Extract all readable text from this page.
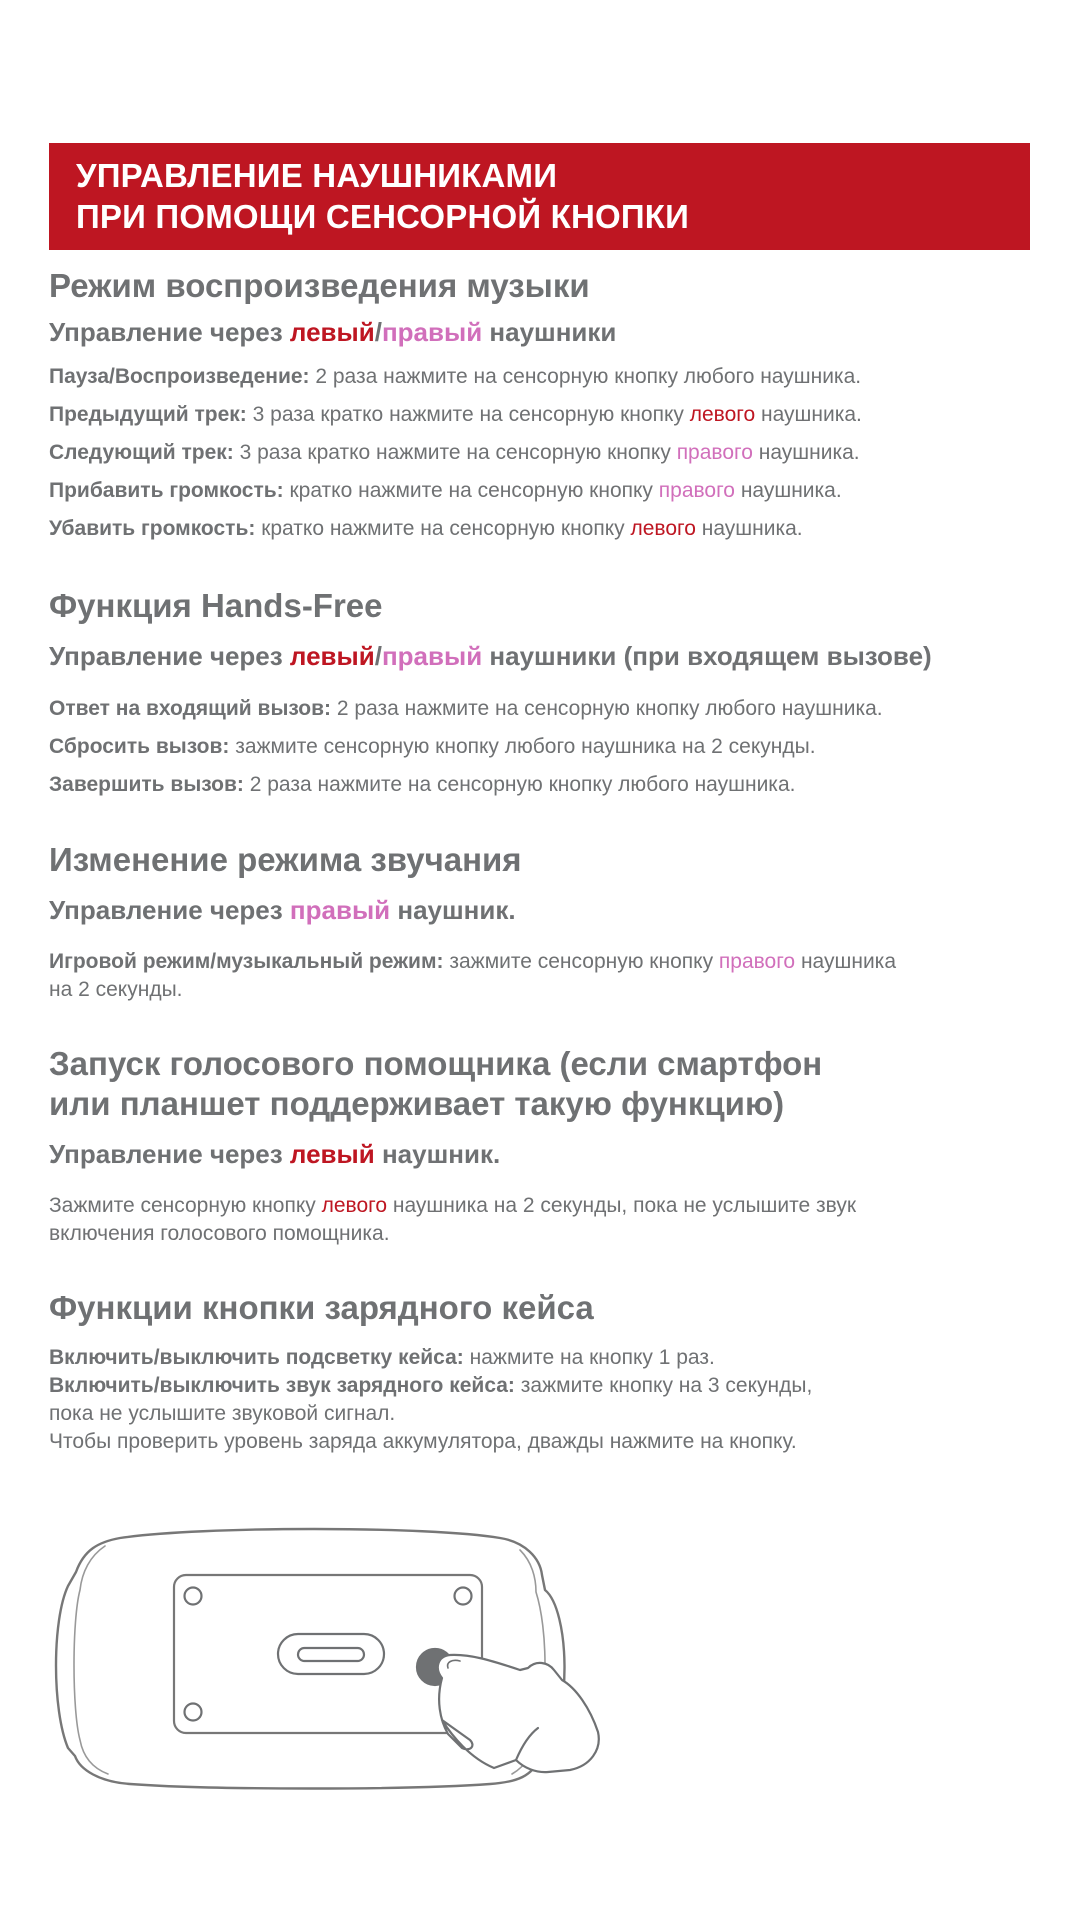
УПРАВЛЕНИЕ НАУШНИКАМИ
ПРИ ПОМОЩИ СЕНСОРНОЙ КНОПКИ
Режим воспроизведения музыки

Управление через левый/правый наушники

Пауза/Воспроизведение: 2 раза нажмите на сенсорную кнопку любого наушника.

Предыдущий трек: 3 раза кратко нажмите на сенсорную кнопку левого наушника.

Следующий трек: 3 раза кратко нажмите на сенсорную кнопку правого наушника.

Прибавить громкость: кратко нажмите на сенсорную кнопку правого наушника.

Убавить громкость: кратко нажмите на сенсорную кнопку левого наушника.

Функция Hands-Free

Управление через левый/правый наушники (при входящем вызове)

Ответ на входящий вызов: 2 раза нажмите на сенсорную кнопку любого наушника.

Сбросить вызов: зажмите сенсорную кнопку любого наушника на 2 секунды.

Завершить вызов: 2 раза нажмите на сенсорную кнопку любого наушника.

Изменение режима звучания

Управление через правый наушник.

Игровой режим/музыкальный режим: зажмите сенсорную кнопку правого наушника
на 2 секунды.

Запуск голосового помощника (если смартфон
или планшет поддерживает такую функцию)

Управление через левый наушник.

Зажмите сенсорную кнопку левого наушника на 2 секунды, пока не услышите звук
включения голосового помощника.

Функции кнопки зарядного кейса

Включить/выключить подсветку кейса: нажмите на кнопку 1 раз.

Включить/выключить звук зарядного кейса: зажмите кнопку на 3 секунды,
пока не услышите звуковой сигнал.

Чтобы проверить уровень заряда аккумулятора, дважды нажмите на кнопку.
